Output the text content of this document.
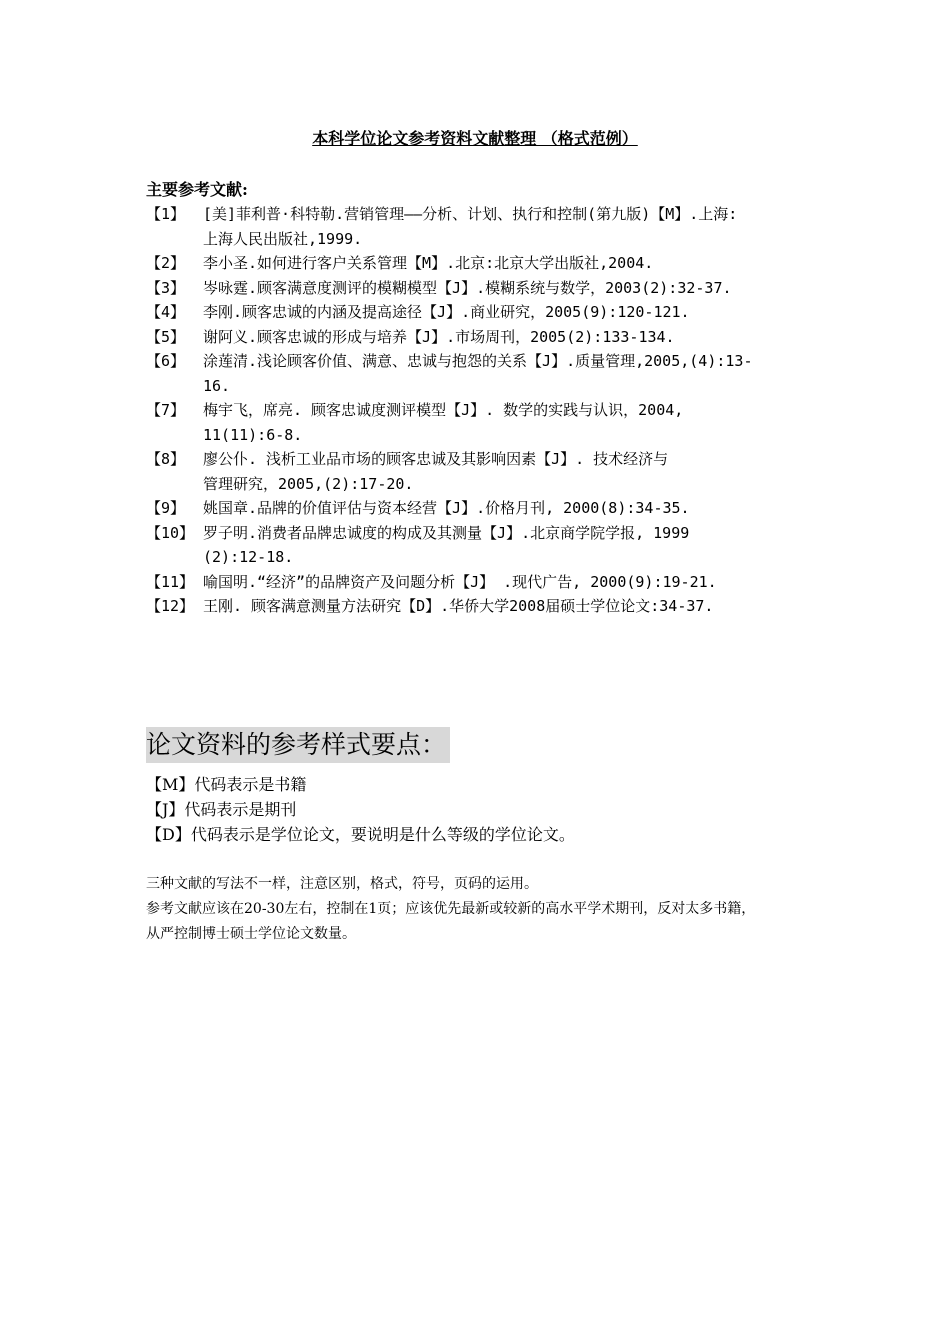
本科学位论文参考资料文献整理 （格式范例）
主要参考文献:
【1】 [美]菲利普·科特勒.营销管理——分析、计划、执行和控制(第九版)【M】.上海:
上海人民出版社,1999.
【2】 李小圣.如何进行客户关系管理【M】.北京:北京大学出版社,2004.
【3】 岑咏霆.顾客满意度测评的模糊模型【J】.模糊系统与数学，2003(2):32-37.
【4】 李刚.顾客忠诚的内涵及提高途径【J】.商业研究，2005(9):120-121.
【5】 谢阿义.顾客忠诚的形成与培养【J】.市场周刊，2005(2):133-134.
【6】 涂莲清.浅论顾客价值、满意、忠诚与抱怨的关系【J】.质量管理,2005,(4):13-
16.
【7】 梅宇飞，席亮. 顾客忠诚度测评模型【J】. 数学的实践与认识，2004,
11(11):6-8.
【8】 廖公仆. 浅析工业品市场的顾客忠诚及其影响因素【J】. 技术经济与
管理研究，2005,(2):17-20.
【9】 姚国章.品牌的价值评估与资本经营【J】.价格月刊, 2000(8):34-35.
【10】 罗子明.消费者品牌忠诚度的构成及其测量【J】.北京商学院学报, 1999
(2):12-18.
【11】 喻国明.“经济”的品牌资产及问题分析【J】 .现代广告, 2000(9):19-21.
【12】 王刚. 顾客满意测量方法研究【D】.华侨大学2008届硕士学位论文:34-37.
论文资料的参考样式要点：
【M】代码表示是书籍
【J】代码表示是期刊
【D】代码表示是学位论文，要说明是什么等级的学位论文。
三种文献的写法不一样，注意区别，格式，符号，页码的运用。
参考文献应该在20-30左右，控制在1页；应该优先最新或较新的高水平学术期刊，反对太多书籍，
从严控制博士硕士学位论文数量。
